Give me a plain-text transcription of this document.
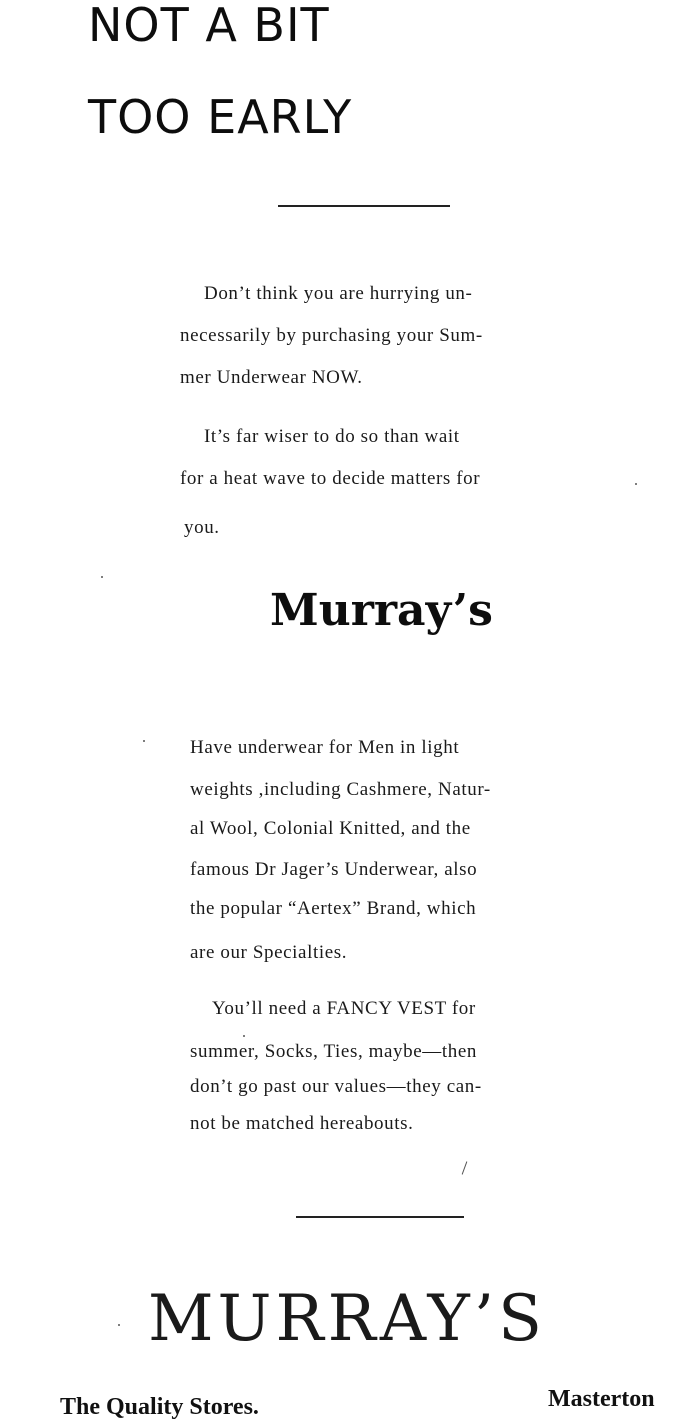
NOT A BIT
TOO EARLY
Don’t think you are hurrying un-
necessarily by purchasing your Sum-
mer Underwear NOW.
It’s far wiser to do so than wait
for a heat wave to decide matters for
you.
Murray’s
Have underwear for Men in light
weights ,including Cashmere, Natur-
al Wool, Colonial Knitted, and the
famous Dr Jager’s Underwear, also
the popular “Aertex” Brand, which
are our Specialties.
You’ll need a FANCY VEST for
summer, Socks, Ties, maybe—then
don’t go past our values—they can-
not be matched hereabouts.
MURRAY’S
The Quality Stores.	Masterton
